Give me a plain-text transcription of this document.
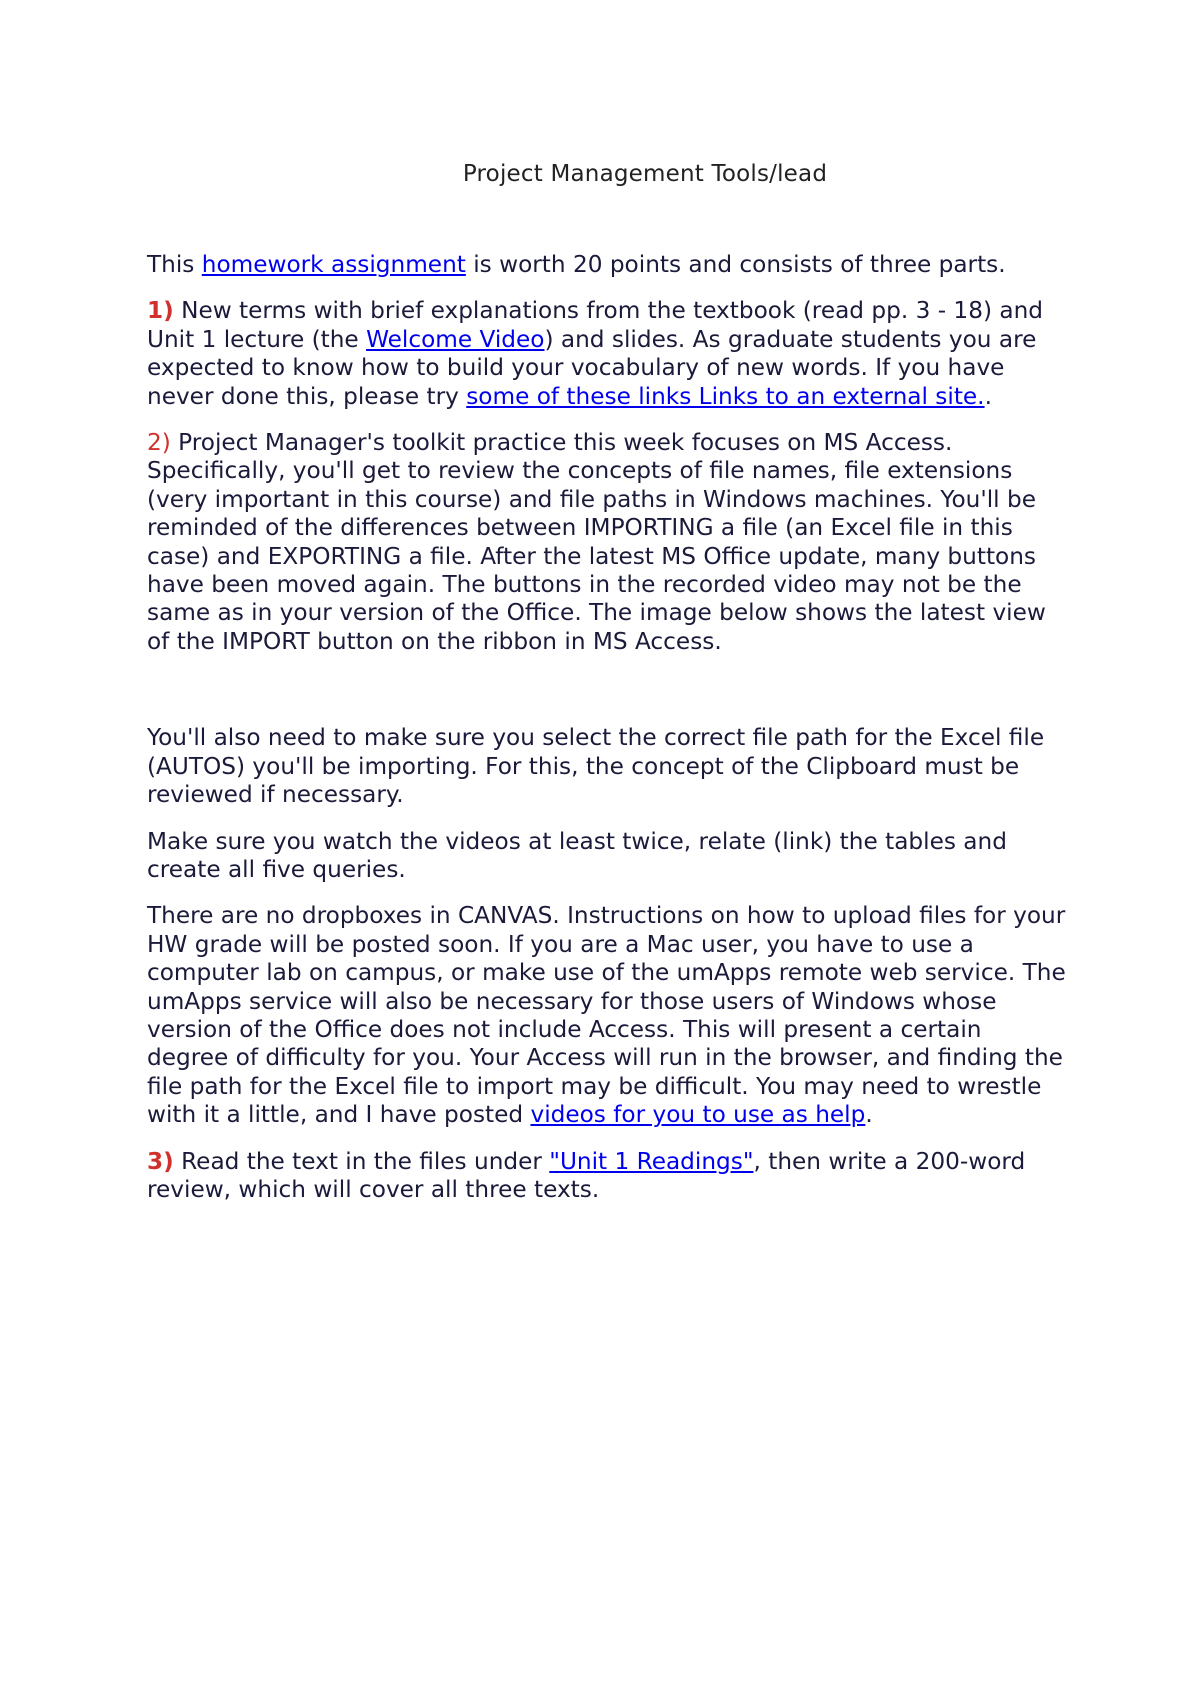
Project Management Tools/lead

This homework assignment is worth 20 points and consists of three parts.

1) New terms with brief explanations from the textbook (read pp. 3 - 18) and Unit 1 lecture (the Welcome Video) and slides. As graduate students you are expected to know how to build your vocabulary of new words. If you have never done this, please try some of these links Links to an external site..

2) Project Manager's toolkit practice this week focuses on MS Access. Specifically, you'll get to review the concepts of file names, file extensions (very important in this course) and file paths in Windows machines. You'll be reminded of the differences between IMPORTING a file (an Excel file in this case) and EXPORTING a file. After the latest MS Office update, many buttons have been moved again. The buttons in the recorded video may not be the same as in your version of the Office. The image below shows the latest view of the IMPORT button on the ribbon in MS Access.

You'll also need to make sure you select the correct file path for the Excel file (AUTOS) you'll be importing. For this, the concept of the Clipboard must be reviewed if necessary.

Make sure you watch the videos at least twice, relate (link) the tables and create all five queries.

There are no dropboxes in CANVAS. Instructions on how to upload files for your HW grade will be posted soon. If you are a Mac user, you have to use a computer lab on campus, or make use of the umApps remote web service. The umApps service will also be necessary for those users of Windows whose version of the Office does not include Access. This will present a certain degree of difficulty for you. Your Access will run in the browser, and finding the file path for the Excel file to import may be difficult. You may need to wrestle with it a little, and I have posted videos for you to use as help.

3) Read the text in the files under "Unit 1 Readings", then write a 200-word review, which will cover all three texts.
